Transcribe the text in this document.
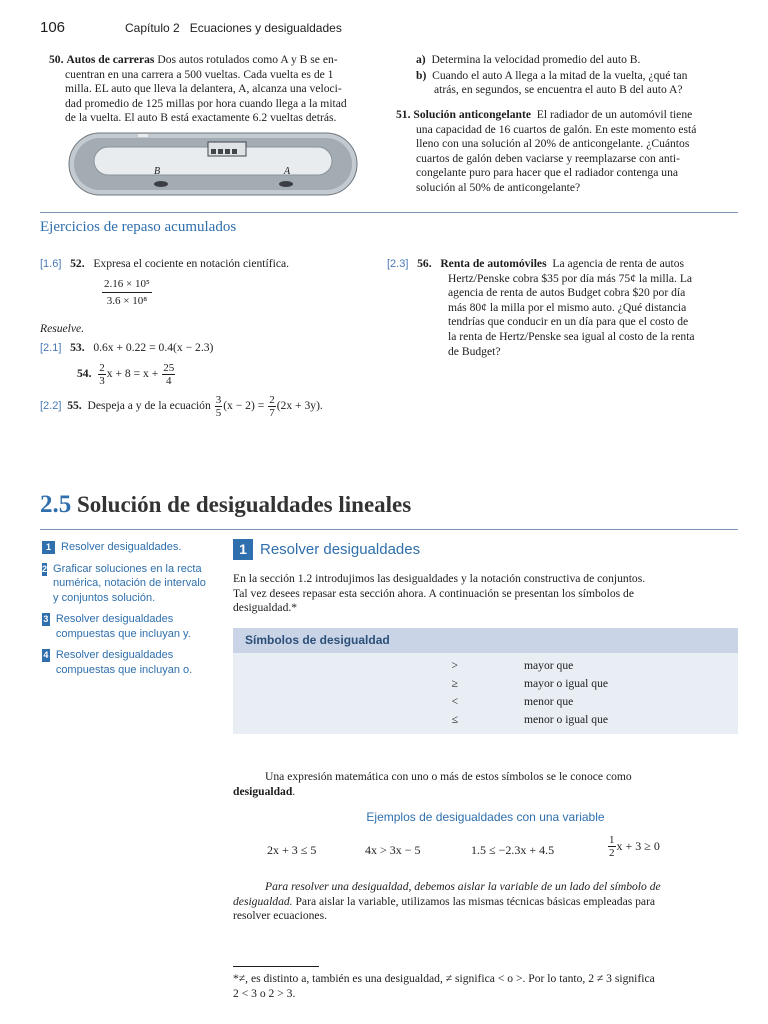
106	Capítulo 2 Ecuaciones y desigualdades
50. Autos de carreras Dos autos rotulados como A y B se en-
cuentran en una carrera a 500 vueltas. Cada vuelta es de 1
milla. EL auto que lleva la delantera, A, alcanza una veloci-
dad promedio de 125 millas por hora cuando llega a la mitad
de la vuelta. El auto B está exactamente 6.2 vueltas detrás.
B	A
a) Determina la velocidad promedio del auto B.
b) Cuando el auto A llega a la mitad de la vuelta, ¿qué tan
atrás, en segundos, se encuentra el auto B del auto A?
51. Solución anticongelante El radiador de un automóvil tiene
una capacidad de 16 cuartos de galón. En este momento está
lleno con una solución al 20% de anticongelante. ¿Cuántos
cuartos de galón deben vaciarse y reemplazarse con anti-
congelante puro para hacer que el radiador contenga una
solución al 50% de anticongelante?
Ejercicios de repaso acumulados
[1.6] 52. Expresa el cociente en notación científica.
$\frac{\text{2.16 × 10⁵}}{\text{3.6 × 10⁸}}$
Resuelve.
[2.1] 53. 0.6x + 0.22 = 0.4(x − 2.3)
54.
$\frac{2}{3}$ x + 8 = x +
$\frac{25}{4}$
[2.2]
55.
Despeja a y de la ecuación
$\frac{3}{5} (x - 2)$ =
$\frac{2}{7} (2x + 3y)$.
[2.3] 56. Renta de automóviles La agencia de renta de autos
Hertz/Penske cobra $35 por día más 75¢ la milla. La
agencia de renta de autos Budget cobra $20 por día
más 80¢ la milla por el mismo auto. ¿Qué distancia
tendrías que conducir en un día para que el costo de
la renta de Hertz/Penske sea igual al costo de la renta
de Budget?
2.5 Solución de desigualdades lineales
1 Resolver desigualdades.
2 Graficar soluciones en la recta numérica, notación de intervalo y conjuntos solución.
3 Resolver desigualdades compuestas que incluyan y.
4 Resolver desigualdades compuestas que incluyan o.
1 Resolver desigualdades
En la sección 1.2 introdujimos las desigualdades y la notación constructiva de conjuntos.
Tal vez desees repasar esta sección ahora. A continuación se presentan los símbolos de
desigualdad.*
Símbolos de desigualdad
>	mayor que
≥	mayor o igual que
<	menor que
≤	menor o igual que
Una expresión matemática con uno o más de estos símbolos se le conoce como
desigualdad.
Ejemplos de desigualdades con una variable
2x + 3 ≤ 5	4x > 3x − 5	1.5 ≤ −2.3x + 4.5	$\frac{1}{2}$ x + 3 ≥ 0
Para resolver una desigualdad, debemos aislar la variable de un lado del símbolo de
desigualdad. Para aislar la variable, utilizamos las mismas técnicas básicas empleadas para
resolver ecuaciones.
*≠, es distinto a, también es una desigualdad, ≠ significa < o >. Por lo tanto, 2 ≠ 3 significa
2 < 3 o 2 > 3.
